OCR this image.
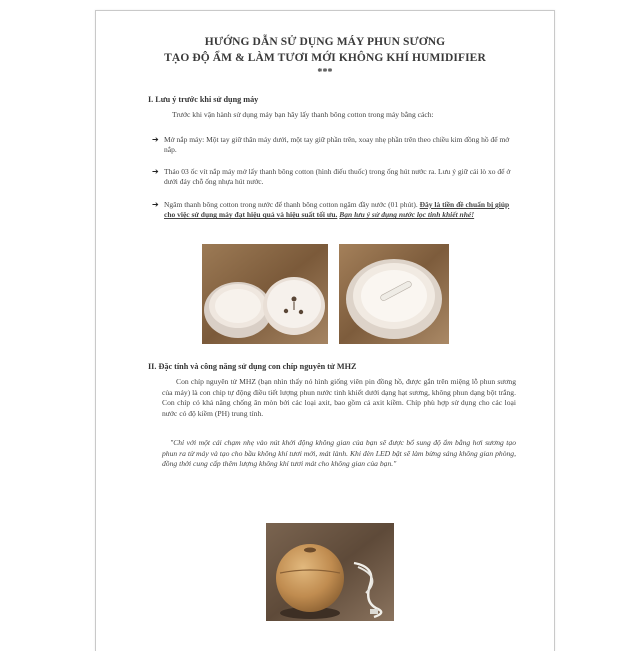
HƯỚNG DẪN SỬ DỤNG MÁY PHUN SƯƠNG
TẠO ĐỘ ẨM & LÀM TƯƠI MỚI KHÔNG KHÍ HUMIDIFIER
***
I. Lưu ý trước khi sử dụng máy
Trước khi vận hành sử dụng máy bạn hãy lấy thanh bông cotton trong máy bằng cách:
➔ Mở nắp máy: Một tay giữ thân máy dưới, một tay giữ phần trên, xoay nhẹ phần trên theo chiều kim đồng hồ để mở nắp.
➔ Tháo 03 ốc vít nắp máy mở lấy thanh bông cotton (hình điếu thuốc) trong ống hút nước ra. Lưu ý giữ cái lò xo để ở dưới đáy chỗ ống nhựa hút nước.
➔ Ngâm thanh bông cotton trong nước để thanh bông cotton ngâm đầy nước (01 phút). Đây là tiền đề chuẩn bị giúp cho việc sử dụng máy đạt hiệu quả và hiệu suất tối ưu. Bạn lưu ý sử dụng nước lọc tinh khiết nhé!
II. Đặc tính và công năng sử dụng con chíp nguyên tử MHZ
Con chíp nguyên tử MHZ (bạn nhìn thấy nó hình giống viên pin đồng hồ, được gắn trên miệng lỗ phun sương của máy) là con chip tự động điều tiết lượng phun nước tinh khiết dưới dạng hạt sương, không phun dạng bột trắng. Con chíp có khả năng chống ăn mòn bởi các loại axit, bao gồm cả axit kiềm. Chíp phù hợp sử dụng cho các loại nước có độ kiềm (PH) trung tính.
"Chỉ với một cái chạm nhẹ vào nút khởi động không gian của bạn sẽ được bổ sung độ ẩm bằng hơi sương tạo phun ra từ máy và tạo cho bầu không khí tươi mới, mát lành. Khi đèn LED bật sẽ làm bừng sáng không gian phòng, đồng thời cung cấp thêm lượng không khí tươi mát cho không gian của bạn."
